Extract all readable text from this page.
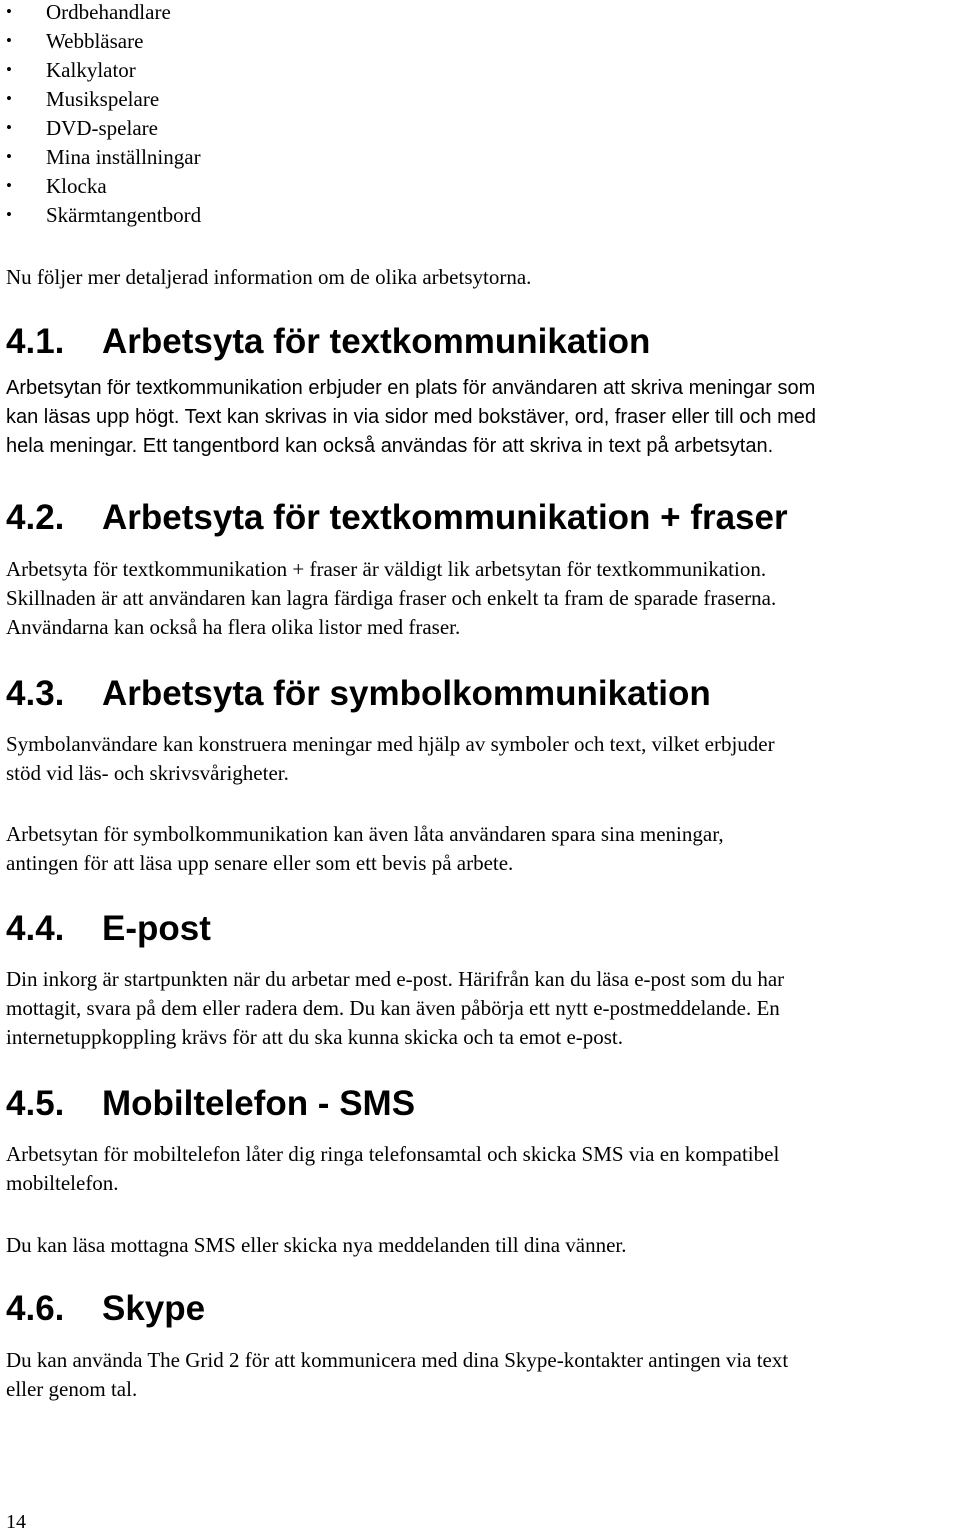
• Ordbehandlare
• Webbläsare
• Kalkylator
• Musikspelare
• DVD-spelare
• Mina inställningar
• Klocka
• Skärmtangentbord

Nu följer mer detaljerad information om de olika arbetsytorna.

4.1. Arbetsyta för textkommunikation
Arbetsytan för textkommunikation erbjuder en plats för användaren att skriva meningar som
kan läsas upp högt. Text kan skrivas in via sidor med bokstäver, ord, fraser eller till och med
hela meningar. Ett tangentbord kan också användas för att skriva in text på arbetsytan.
4.2. Arbetsyta för textkommunikation + fraser
Arbetsyta för textkommunikation + fraser är väldigt lik arbetsytan för textkommunikation.
Skillnaden är att användaren kan lagra färdiga fraser och enkelt ta fram de sparade fraserna.
Användarna kan också ha flera olika listor med fraser.
4.3. Arbetsyta för symbolkommunikation
Symbolanvändare kan konstruera meningar med hjälp av symboler och text, vilket erbjuder
stöd vid läs- och skrivsvårigheter.
Arbetsytan för symbolkommunikation kan även låta användaren spara sina meningar,
antingen för att läsa upp senare eller som ett bevis på arbete.
4.4. E-post
Din inkorg är startpunkten när du arbetar med e-post. Härifrån kan du läsa e-post som du har
mottagit, svara på dem eller radera dem. Du kan även påbörja ett nytt e-postmeddelande. En
internetuppkoppling krävs för att du ska kunna skicka och ta emot e-post.
4.5. Mobiltelefon - SMS
Arbetsytan för mobiltelefon låter dig ringa telefonsamtal och skicka SMS via en kompatibel
mobiltelefon.
Du kan läsa mottagna SMS eller skicka nya meddelanden till dina vänner.
4.6. Skype
Du kan använda The Grid 2 för att kommunicera med dina Skype-kontakter antingen via text
eller genom tal.
14
